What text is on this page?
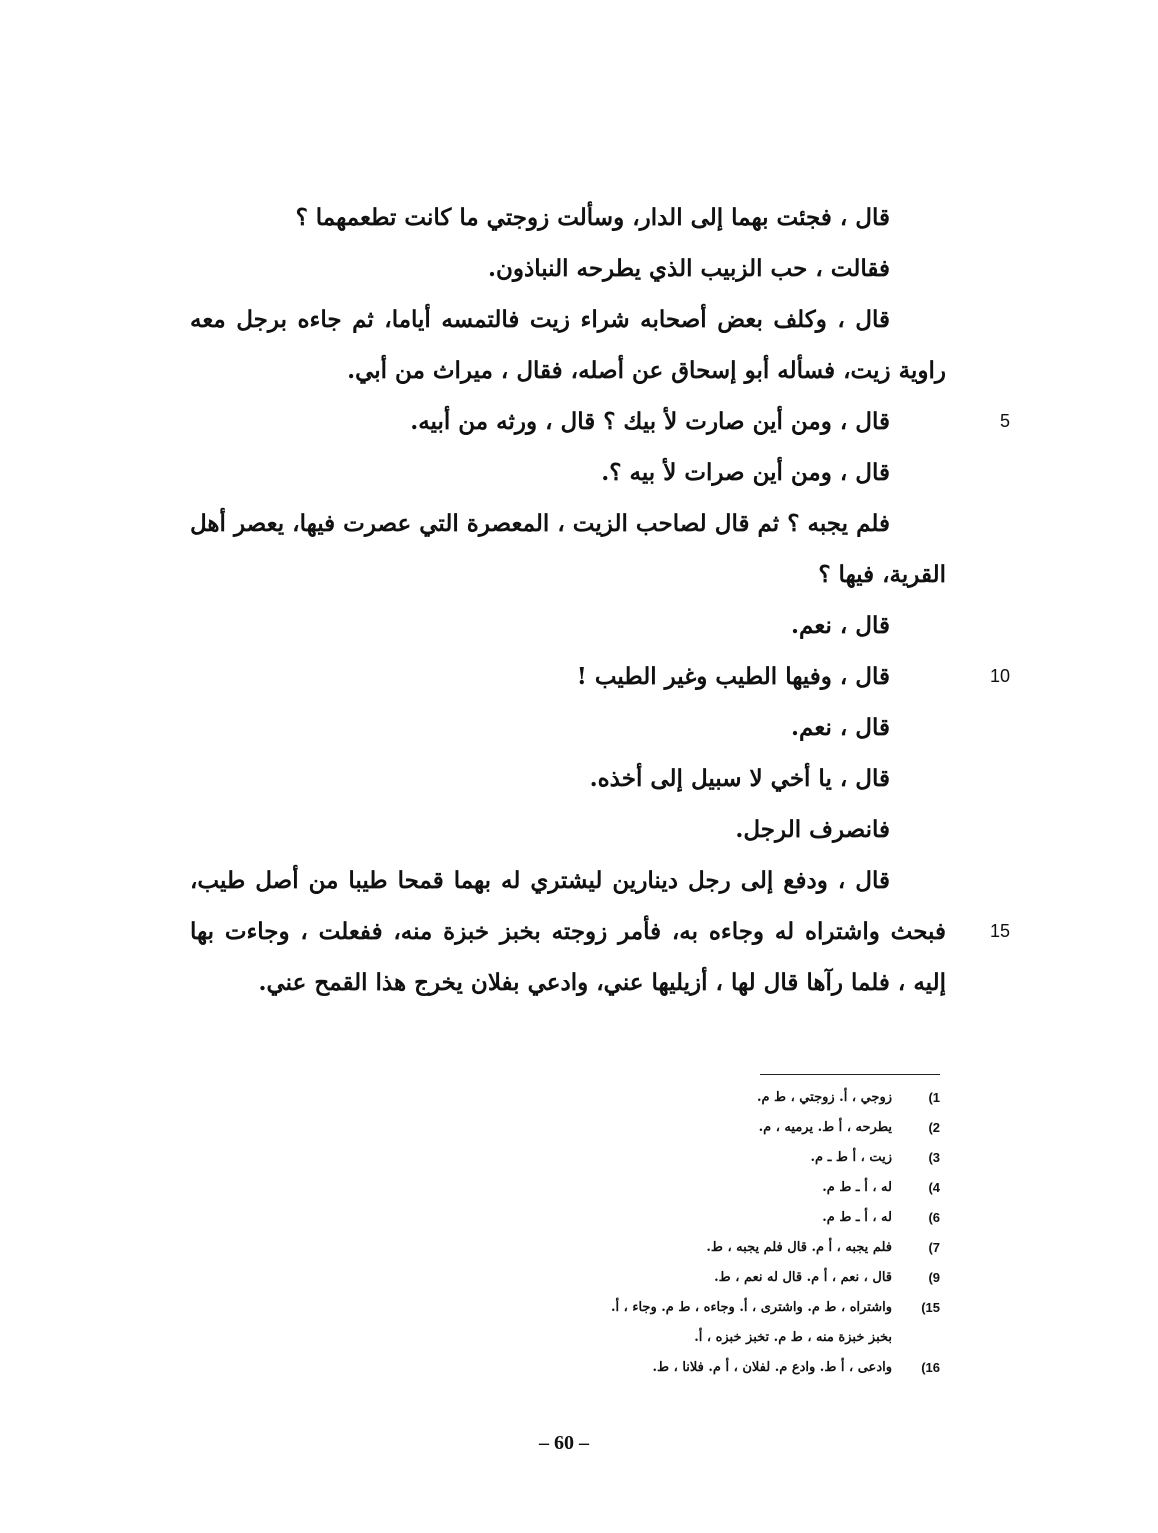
قال ، فجئت بهما إلى الدار، وسألت زوجتي ما كانت تطعمهما ؟
فقالت ، حب الزبيب الذي يطرحه النباذون.
قال ، وكلف بعض أصحابه شراء زيت فالتمسه أياما، ثم جاءه برجل معه
راوية زيت، فسأله أبو إسحاق عن أصله، فقال ، ميراث من أبي.
قال ، ومن أين صارت لأ بيك ؟ قال ، ورثه من أبيه.
قال ، ومن أين صرات لأ بيه ؟.
فلم يجبه ؟ ثم قال لصاحب الزيت ، المعصرة التي عصرت فيها، يعصر أهل
القرية، فيها ؟
قال ، نعم.
قال ، وفيها الطيب وغير الطيب !
قال ، نعم.
قال ، يا أخي لا سبيل إلى أخذه.
فانصرف الرجل.
قال ، ودفع إلى رجل دينارين ليشتري له بهما قمحا طيبا من أصل طيب،
فبحث واشتراه له وجاءه به، فأمر زوجته بخبز خبزة منه، ففعلت ، وجاءت بها
إليه ، فلما رآها قال لها ، أزيليها عني، وادعي بفلان يخرج هذا القمح عني.
5
10
15
(1
زوجي ، أ. زوجتي ، ط م.
(2
يطرحه ، أ ط. يرميه ، م.
(3
زيت ، أ ط ـ م.
(4
له ، أ ـ ط م.
(6
له ، أ ـ ط م.
(7
فلم يجبه ، أ م. قال فلم يجبه ، ط.
(9
قال ، نعم ، أ م. قال له نعم ، ط.
(15
واشتراه ، ط م. واشترى ، أ. وجاءه ، ط م. وجاء ، أ.
بخبز خبزة منه ، ط م. تخبز خبزه ، أ.
(16
وادعى ، أ ط. وادع م. لفلان ، أ م. فلانا ، ط.
– 60 –
